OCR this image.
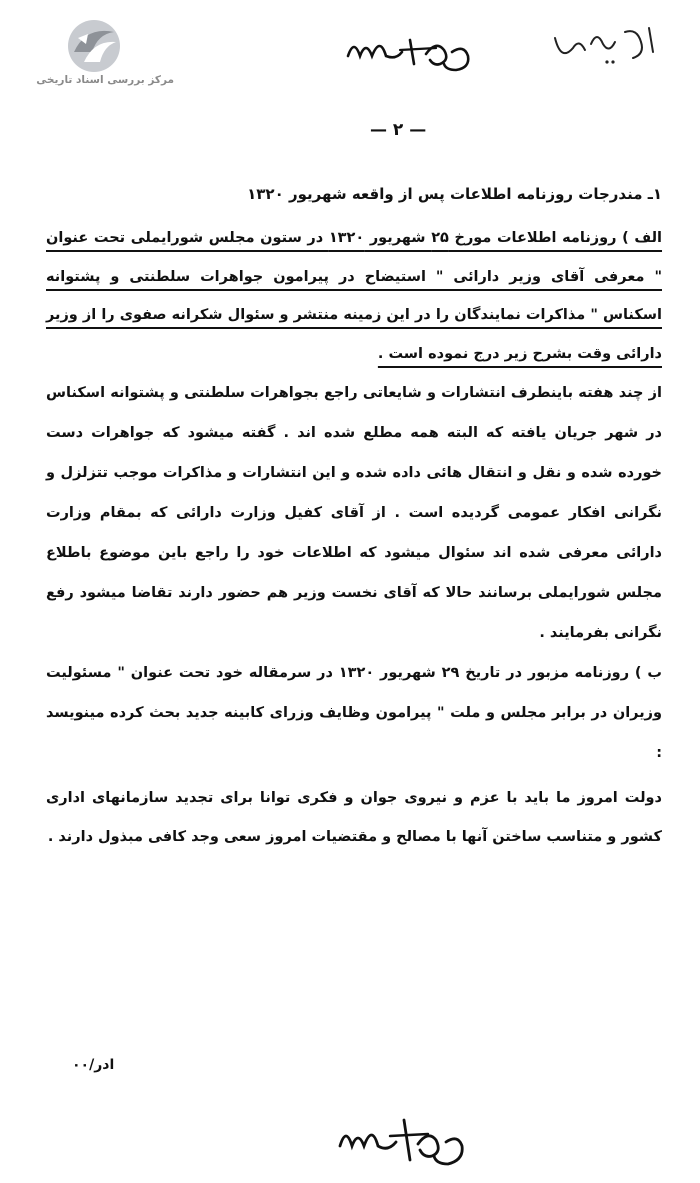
مرکز بررسی اسناد تاریخی
— ۲ —

۱ـ مندرجات روزنامه اطلاعات پس از واقعه شهریور ۱۳۲۰

الف ) روزنامه اطلاعات مورخ ۲۵ شهریور ۱۳۲۰ در ستون مجلس شورایملی تحت عنوان " معرفی آقای وزیر دارائی " استیضاح در پیرامون جواهرات سلطنتی و پشتوانه اسکناس " مذاکرات نمایندگان را در این زمینه منتشر و سئوال شکرانه صفوی را از وزیر دارائی وقت بشرح زیر درج نموده است .

از چند هفته باینطرف انتشارات و شایعاتی راجع بجواهرات سلطنتی و پشتوانه اسکناس در شهر جریان یافته که البته همه مطلع شده اند . گفته میشود که جواهرات دست خورده شده و نقل و انتقال هائی داده شده و این انتشارات و مذاکرات موجب تتزلزل و نگرانی افکار عمومی گردیده است . از آقای کفیل وزارت دارائی که بمقام وزارت دارائی معرفی شده اند سئوال میشود که اطلاعات خود را راجع باین موضوع باطلاع مجلس شورایملی برسانند حالا که آقای نخست وزیر هم حضور دارند تقاضا میشود رفع نگرانی بفرمایند .

ب ) روزنامه مزبور در تاریخ ۲۹ شهریور ۱۳۲۰ در سرمقاله خود تحت عنوان " مسئولیت وزیران در برابر مجلس و ملت " پیرامون وظایف وزرای کابینه جدید بحث کرده مینویسد :

دولت امروز ما باید با عزم و نیروی جوان و فکری توانا برای تجدید سازمانهای اداری کشور و متناسب ساختن آنها با مصالح و مقتضیات امروز سعی وجد کافی مبذول دارند .

ادر/۰۰
